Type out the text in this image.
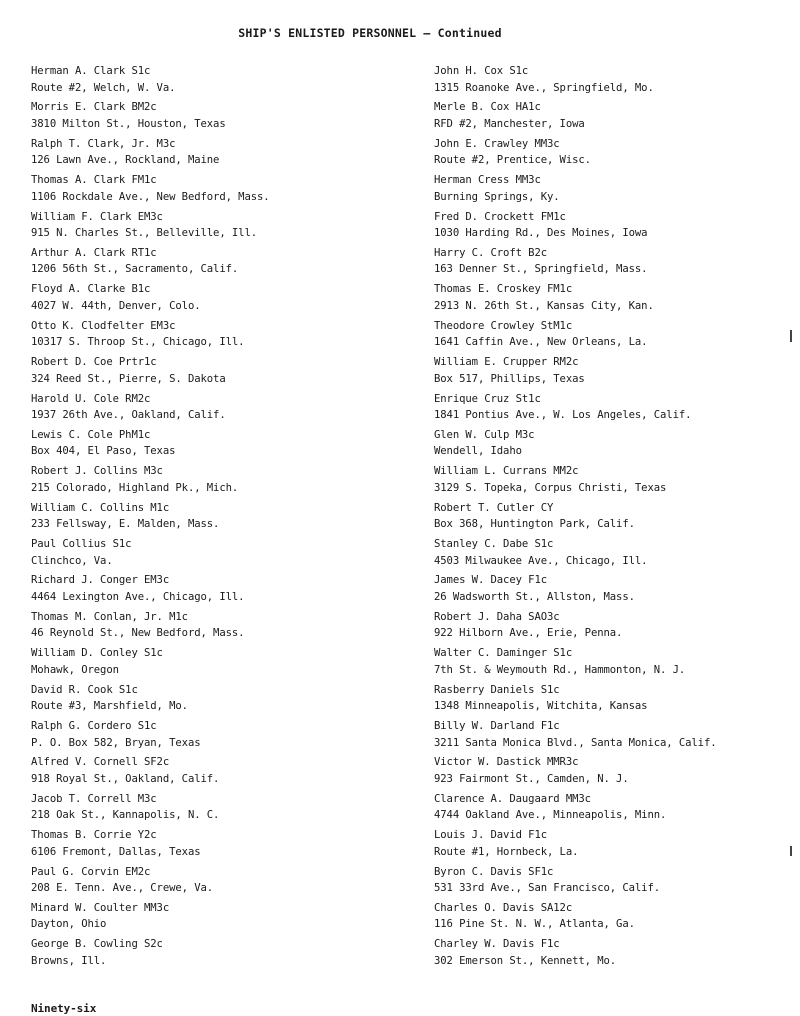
SHIP'S ENLISTED PERSONNEL — Continued
Herman A. Clark S1c
Route #2, Welch, W. Va.
Morris E. Clark BM2c
3810 Milton St., Houston, Texas
Ralph T. Clark, Jr. M3c
126 Lawn Ave., Rockland, Maine
Thomas A. Clark FM1c
1106 Rockdale Ave., New Bedford, Mass.
William F. Clark EM3c
915 N. Charles St., Belleville, Ill.
Arthur A. Clark RT1c
1206 56th St., Sacramento, Calif.
Floyd A. Clarke B1c
4027 W. 44th, Denver, Colo.
Otto K. Clodfelter EM3c
10317 S. Throop St., Chicago, Ill.
Robert D. Coe Prtr1c
324 Reed St., Pierre, S. Dakota
Harold U. Cole RM2c
1937 26th Ave., Oakland, Calif.
Lewis C. Cole PhM1c
Box 404, El Paso, Texas
Robert J. Collins M3c
215 Colorado, Highland Pk., Mich.
William C. Collins M1c
233 Fellsway, E. Malden, Mass.
Paul Collius S1c
Clinchco, Va.
Richard J. Conger EM3c
4464 Lexington Ave., Chicago, Ill.
Thomas M. Conlan, Jr. M1c
46 Reynold St., New Bedford, Mass.
William D. Conley S1c
Mohawk, Oregon
David R. Cook S1c
Route #3, Marshfield, Mo.
Ralph G. Cordero S1c
P. O. Box 582, Bryan, Texas
Alfred V. Cornell SF2c
918 Royal St., Oakland, Calif.
Jacob T. Correll M3c
218 Oak St., Kannapolis, N. C.
Thomas B. Corrie Y2c
6106 Fremont, Dallas, Texas
Paul G. Corvin EM2c
208 E. Tenn. Ave., Crewe, Va.
Minard W. Coulter MM3c
Dayton, Ohio
George B. Cowling S2c
Browns, Ill.
John H. Cox S1c
1315 Roanoke Ave., Springfield, Mo.
Merle B. Cox HA1c
RFD #2, Manchester, Iowa
John E. Crawley MM3c
Route #2, Prentice, Wisc.
Herman Cress MM3c
Burning Springs, Ky.
Fred D. Crockett FM1c
1030 Harding Rd., Des Moines, Iowa
Harry C. Croft B2c
163 Denner St., Springfield, Mass.
Thomas E. Croskey FM1c
2913 N. 26th St., Kansas City, Kan.
Theodore Crowley StM1c
1641 Caffin Ave., New Orleans, La.
William E. Crupper RM2c
Box 517, Phillips, Texas
Enrique Cruz St1c
1841 Pontius Ave., W. Los Angeles, Calif.
Glen W. Culp M3c
Wendell, Idaho
William L. Currans MM2c
3129 S. Topeka, Corpus Christi, Texas
Robert T. Cutler CY
Box 368, Huntington Park, Calif.
Stanley C. Dabe S1c
4503 Milwaukee Ave., Chicago, Ill.
James W. Dacey F1c
26 Wadsworth St., Allston, Mass.
Robert J. Daha SAO3c
922 Hilborn Ave., Erie, Penna.
Walter C. Daminger S1c
7th St. & Weymouth Rd., Hammonton, N. J.
Rasberry Daniels S1c
1348 Minneapolis, Witchita, Kansas
Billy W. Darland F1c
3211 Santa Monica Blvd., Santa Monica, Calif.
Victor W. Dastick MMR3c
923 Fairmont St., Camden, N. J.
Clarence A. Daugaard MM3c
4744 Oakland Ave., Minneapolis, Minn.
Louis J. David F1c
Route #1, Hornbeck, La.
Byron C. Davis SF1c
531 33rd Ave., San Francisco, Calif.
Charles O. Davis SA12c
116 Pine St. N. W., Atlanta, Ga.
Charley W. Davis F1c
302 Emerson St., Kennett, Mo.
Ninety-six
